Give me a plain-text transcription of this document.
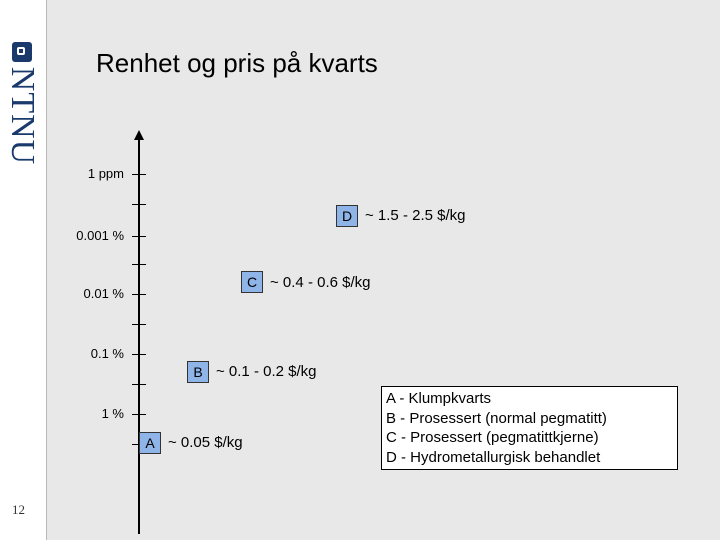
NTNU
12
Renhet og pris på kvarts
1 ppm
0.001 %
0.01 %
0.1 %
1 %
A ~ 0.05 $/kg
B ~ 0.1 - 0.2 $/kg
C ~ 0.4 - 0.6 $/kg
D ~ 1.5 - 2.5 $/kg
A - Klumpkvarts
B - Prosessert (normal pegmatitt)
C - Prosessert (pegmatittkjerne)
D - Hydrometallurgisk behandlet
